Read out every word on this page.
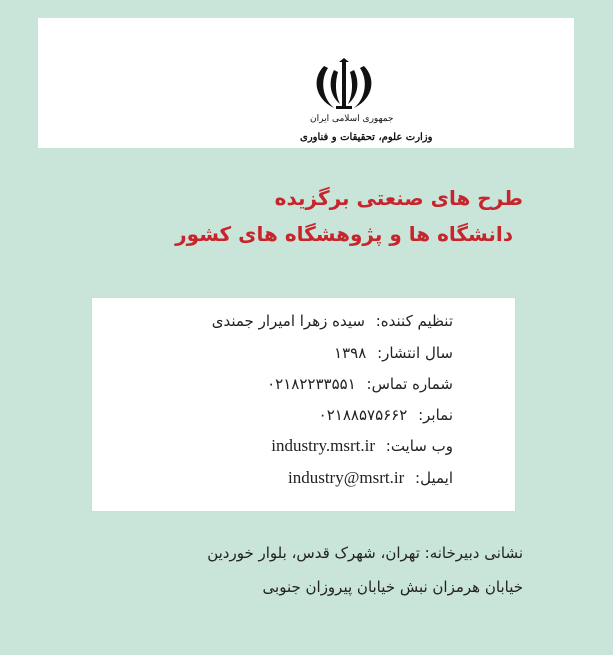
جمهوری اسلامی ایران
وزارت علوم، تحقیقات و فناوری
طرح های صنعتی برگزیده
دانشگاه ها و پژوهشگاه های کشور
تنظیم کننده: سیده زهرا امیرار جمندی
سال انتشار: ۱۳۹۸
شماره تماس: ۰۲۱۸۲۲۳۳۵۵۱
نمابر: ۰۲۱۸۸۵۷۵۶۶۲
وب سایت: industry.msrt.ir
ایمیل: industry@msrt.ir
نشانی دبیرخانه: تهران، شهرک قدس، بلوار خوردین
خیابان هرمزان نبش خیابان پیروزان جنوبی
